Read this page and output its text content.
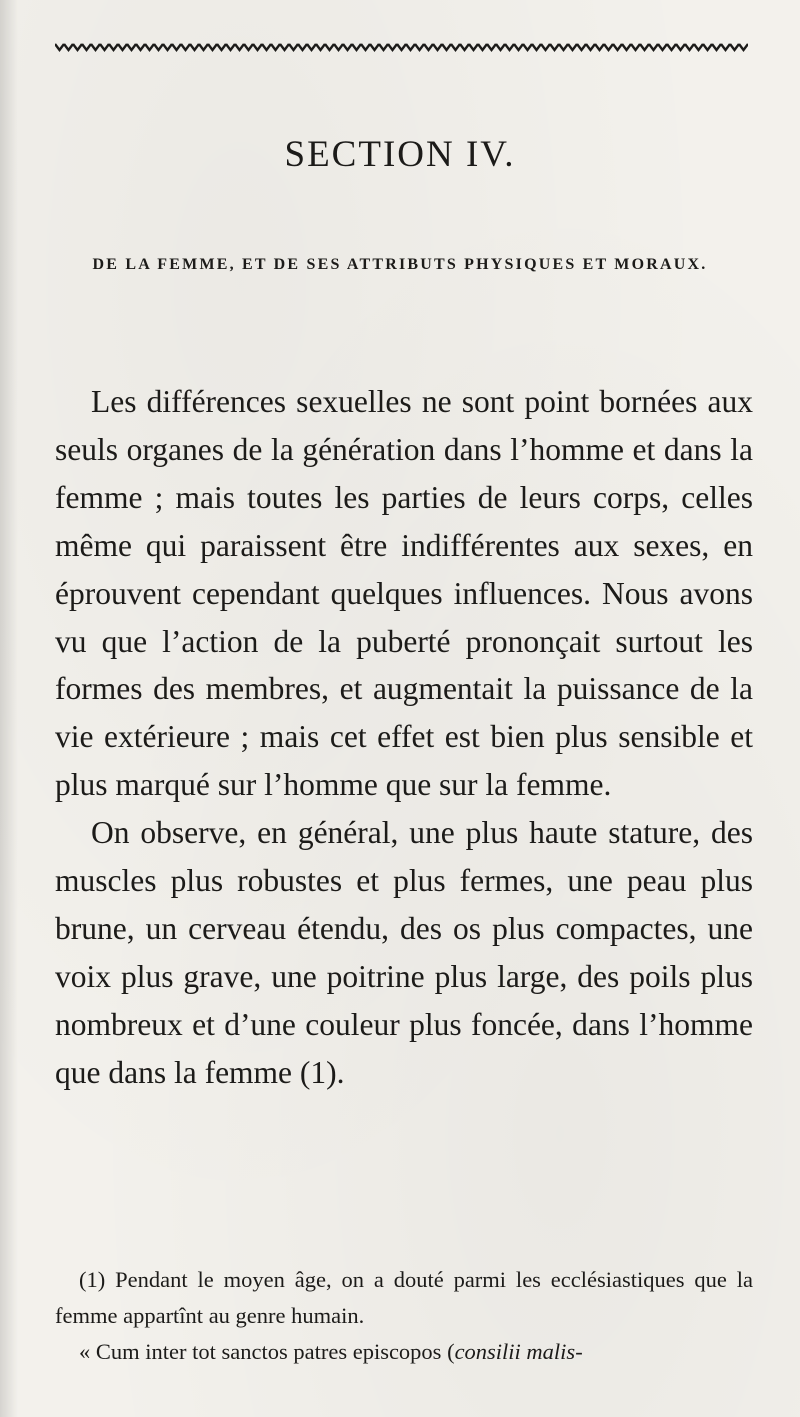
SECTION IV.
DE LA FEMME, ET DE SES ATTRIBUTS PHYSIQUES ET MORAUX.

Les différences sexuelles ne sont point bornées aux seuls organes de la génération dans l’homme et dans la femme ; mais toutes les parties de leurs corps, celles même qui paraissent être indifférentes aux sexes, en éprouvent cependant quelques influences. Nous avons vu que l’action de la puberté prononçait surtout les formes des membres, et augmentait la puissance de la vie extérieure ; mais cet effet est bien plus sensible et plus marqué sur l’homme que sur la femme.

On observe, en général, une plus haute stature, des muscles plus robustes et plus fermes, une peau plus brune, un cerveau étendu, des os plus compactes, une voix plus grave, une poitrine plus large, des poils plus nombreux et d’une couleur plus foncée, dans l’homme que dans la femme (1).

(1) Pendant le moyen âge, on a douté parmi les ecclésiastiques que la femme appartînt au genre humain.

« Cum inter tot sanctos patres episcopos (consilii malis-
